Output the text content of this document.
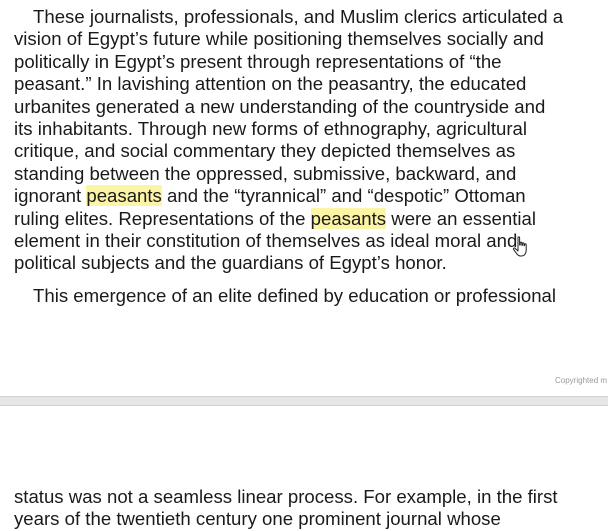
These journalists, professionals, and Muslim clerics articulated a
vision of Egypt’s future while positioning themselves socially and
politically in Egypt’s present through representations of “the
peasant.” In lavishing attention on the peasantry, the educated
urbanites generated a new understanding of the countryside and
its inhabitants. Through new forms of ethnography, agricultural
critique, and social commentary they depicted themselves as
standing between the oppressed, submissive, backward, and
ignorant peasants and the “tyrannical” and “despotic” Ottoman
ruling elites. Representations of the peasants were an essential
element in their constitution of themselves as ideal moral and
political subjects and the guardians of Egypt’s honor.
This emergence of an elite defined by education or professional
Copyrighted m
status was not a seamless linear process. For example, in the first
years of the twentieth century one prominent journal whose
